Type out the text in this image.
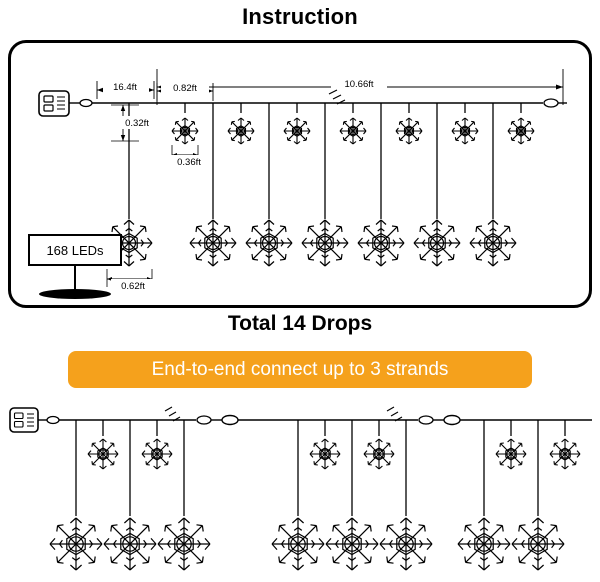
Instruction
10.66ft
16.4ft	0.82ft
0.32ft
0.36ft
0.62ft
168 LEDs
Total 14 Drops
End-to-end connect up to 3 strands
